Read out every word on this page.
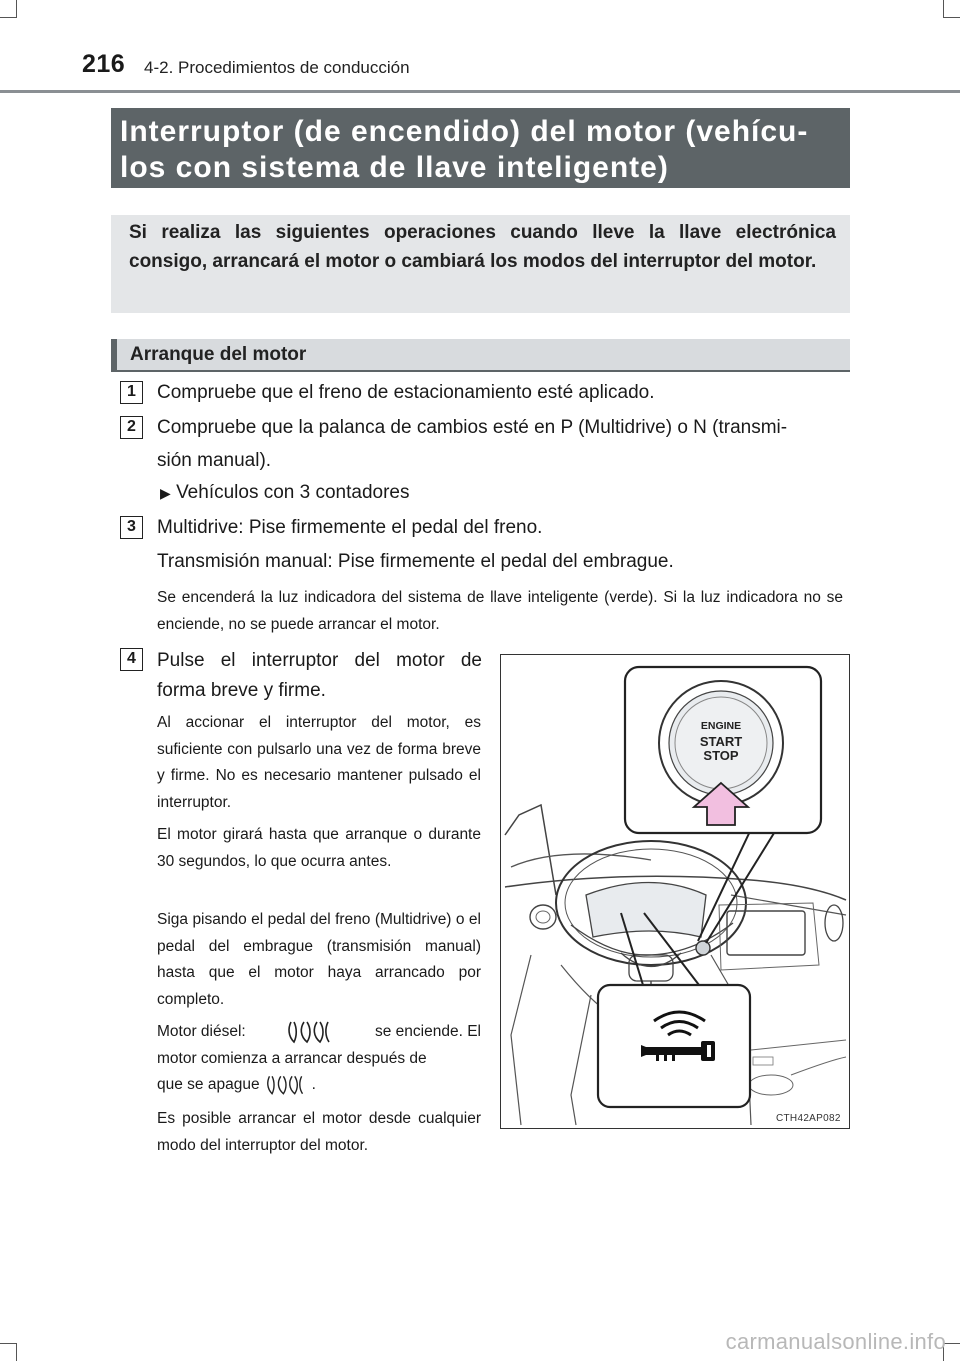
216 4-2. Procedimientos de conducción
Interruptor (de encendido) del motor (vehícu-
los con sistema de llave inteligente)
Si realiza las siguientes operaciones cuando lleve la llave electrónica consigo, arrancará el motor o cambiará los modos del interruptor del motor.
Arranque del motor
1	Compruebe que el freno de estacionamiento esté aplicado.
2	Compruebe que la palanca de cambios esté en P (Multidrive) o N (transmi-
sión manual).
▶ Vehículos con 3 contadores
3	Multidrive: Pise firmemente el pedal del freno.
Transmisión manual: Pise firmemente el pedal del embrague.
Se encenderá la luz indicadora del sistema de llave inteligente (verde). Si la luz indicadora no se enciende, no se puede arrancar el motor.
4	Pulse el interruptor del motor de
forma breve y firme.
Al accionar el interruptor del motor, es suficiente con pulsarlo una vez de forma breve y firme. No es necesario mantener pulsado el interruptor.
El motor girará hasta que arranque o durante 30 segundos, lo que ocurra antes.
Siga pisando el pedal del freno (Multidrive) o el pedal del embrague (transmisión manual) hasta que el motor haya arrancado por completo.
Motor diésel:	se enciende. El
motor comienza a arrancar después de
que se apague	.
Es posible arrancar el motor desde cualquier modo del interruptor del motor.
ENGINE
START
STOP
CTH42AP082
carmanualsonline.info
